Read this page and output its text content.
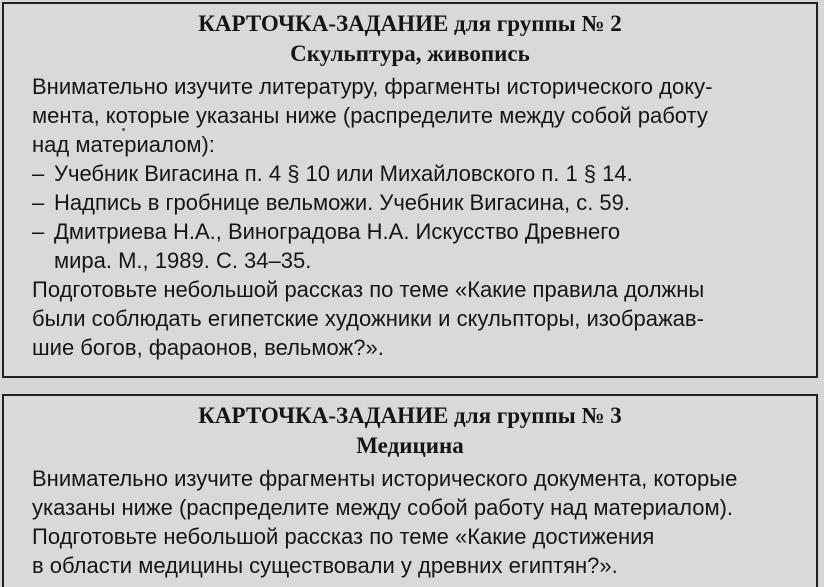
КАРТОЧКА-ЗАДАНИЕ для группы № 2
Скульптура, живопись

Внимательно изучите литературу, фрагменты исторического доку-

мента, которые указаны ниже (распределите между собой работу

над материалом):

– Учебник Вигасина п. 4 § 10 или Михайловского п. 1 § 14.
– Надпись в гробнице вельможи. Учебник Вигасина, с. 59.
– Дмитриева Н.А., Виноградова Н.А. Искусство Древнего
мира. М., 1989. С. 34–35.

Подготовьте небольшой рассказ по теме «Какие правила должны

были соблюдать египетские художники и скульпторы, изображав-

шие богов, фараонов, вельмож?».

КАРТОЧКА-ЗАДАНИЕ для группы № 3
Медицина

Внимательно изучите фрагменты исторического документа, которые

указаны ниже (распределите между собой работу над материалом).

Подготовьте небольшой рассказ по теме «Какие достижения

в области медицины существовали у древних египтян?».
